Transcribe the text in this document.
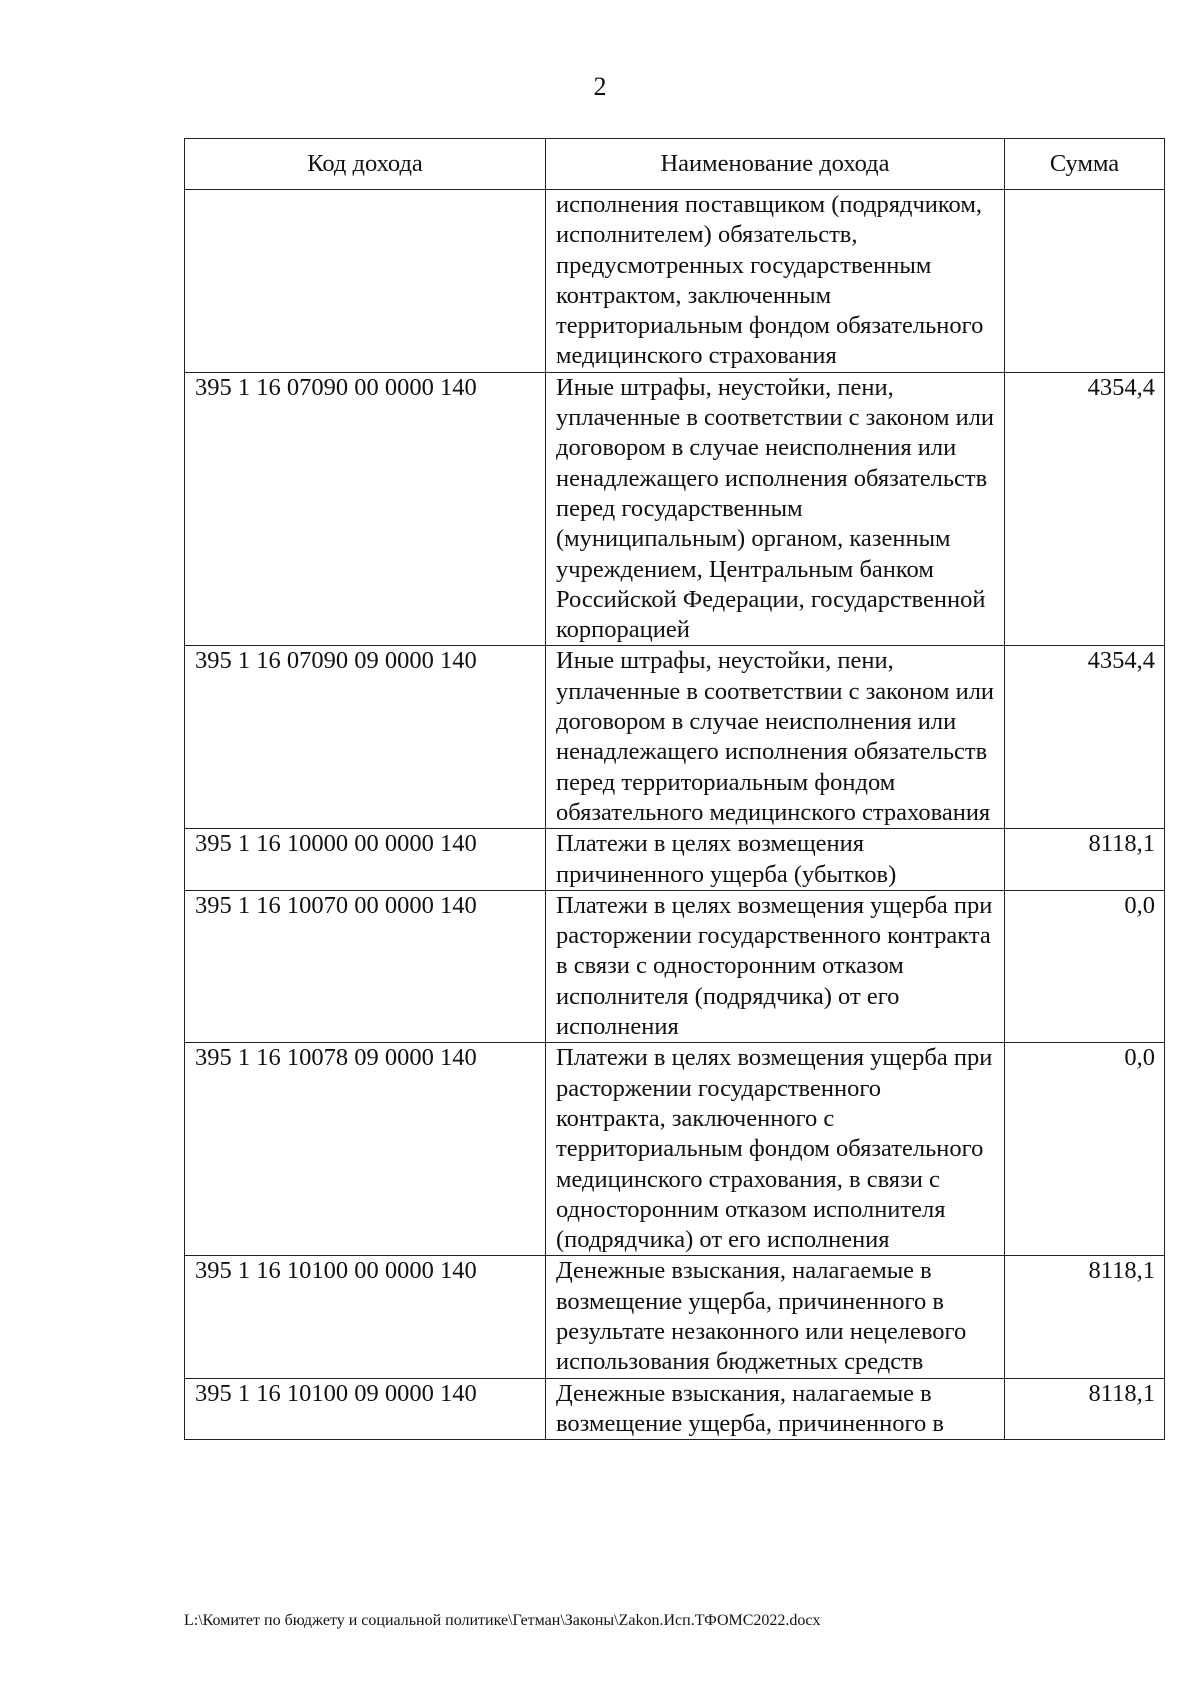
2
Код дохода	Наименование дохода	Сумма
	исполнения поставщиком (подрядчиком, исполнителем) обязательств, предусмотренных государственным контрактом, заключенным территориальным фондом обязательного медицинского страхования	
395 1 16 07090 00 0000 140	Иные штрафы, неустойки, пени, уплаченные в соответствии с законом или договором в случае неисполнения или ненадлежащего исполнения обязательств перед государственным (муниципальным) органом, казенным учреждением, Центральным банком Российской Федерации, государственной корпорацией	4354,4
395 1 16 07090 09 0000 140	Иные штрафы, неустойки, пени, уплаченные в соответствии с законом или договором в случае неисполнения или ненадлежащего исполнения обязательств перед территориальным фондом обязательного медицинского страхования	4354,4
395 1 16 10000 00 0000 140	Платежи в целях возмещения причиненного ущерба (убытков)	8118,1
395 1 16 10070 00 0000 140	Платежи в целях возмещения ущерба при расторжении государственного контракта в связи с односторонним отказом исполнителя (подрядчика) от его исполнения	0,0
395 1 16 10078 09 0000 140	Платежи в целях возмещения ущерба при расторжении государственного контракта, заключенного с территориальным фондом обязательного медицинского страхования, в связи с односторонним отказом исполнителя (подрядчика) от его исполнения	0,0
395 1 16 10100 00 0000 140	Денежные взыскания, налагаемые в возмещение ущерба, причиненного в результате незаконного или нецелевого использования бюджетных средств	8118,1
395 1 16 10100 09 0000 140	Денежные взыскания, налагаемые в возмещение ущерба, причиненного в	8118,1
L:\Комитет по бюджету и социальной политике\Гетман\Законы\Zakon.Исп.ТФОМС2022.docx
